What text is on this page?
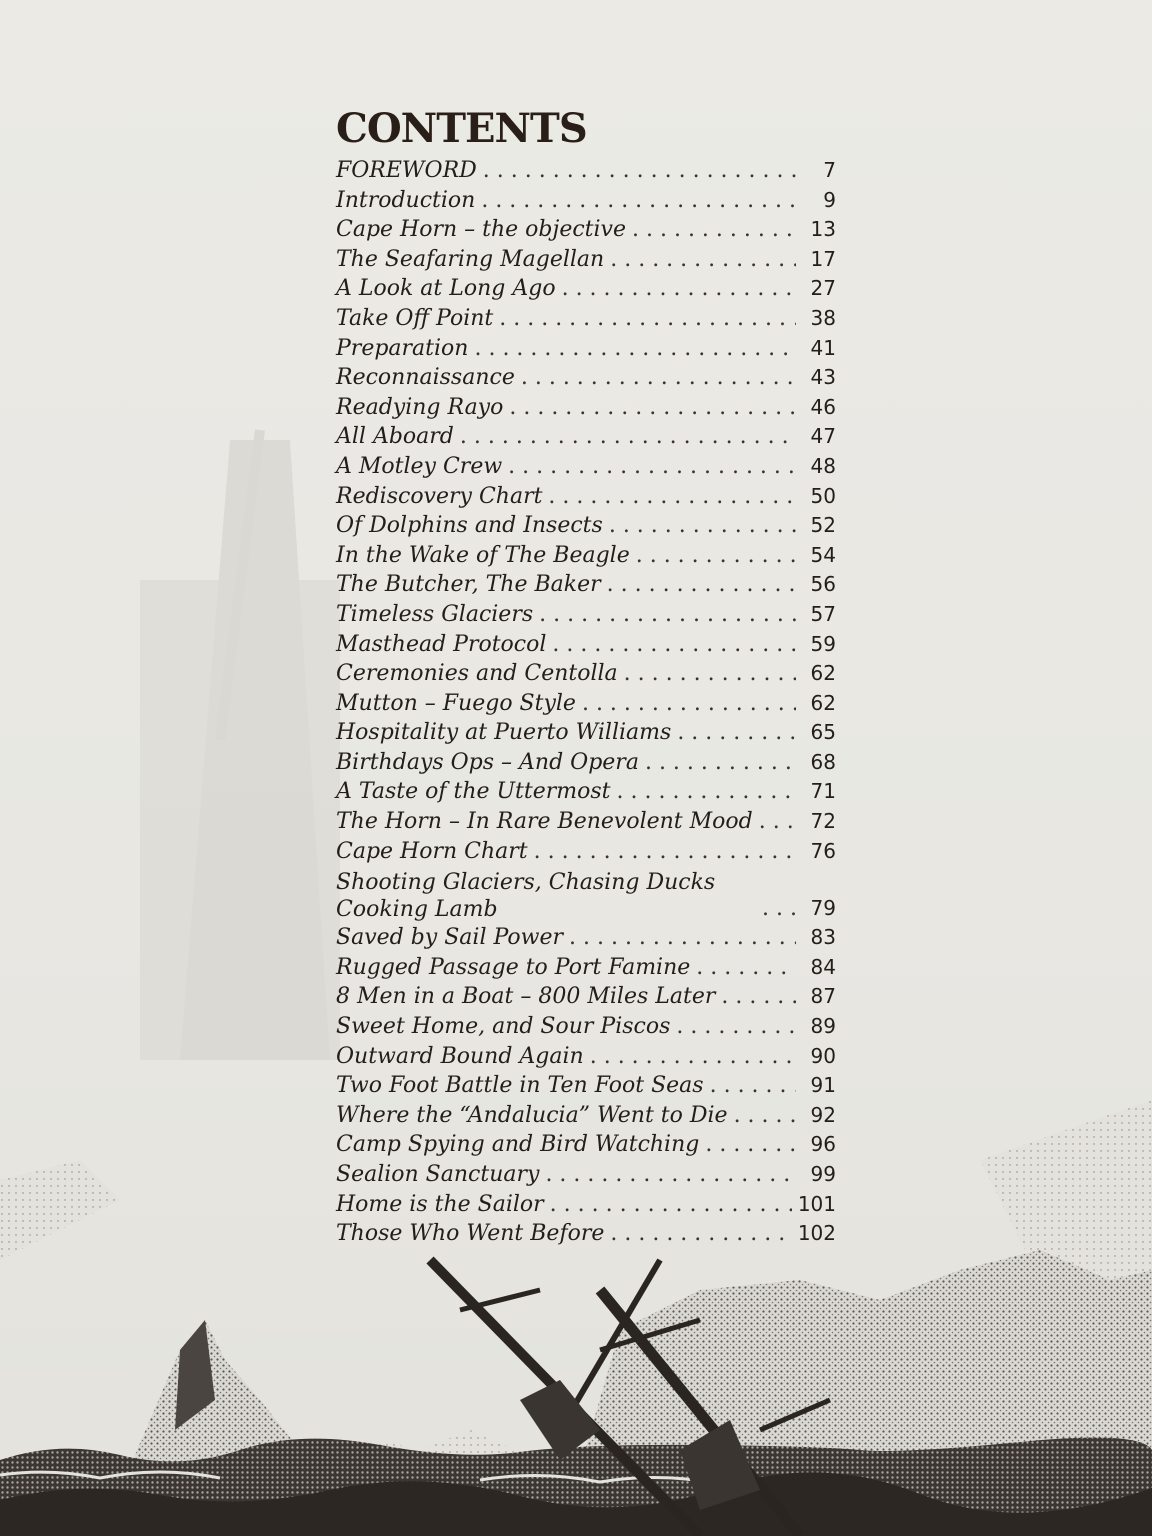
CONTENTS
FOREWORD . . .	7
Introduction . . .	9
Cape Horn – the objective . . .	13
The Seafaring Magellan . . .	17
A Look at Long Ago . . .	27
Take Off Point . . .	38
Preparation . . .	41
Reconnaissance . . .	43
Readying Rayo . . .	46
All Aboard . . .	47
A Motley Crew . . .	48
Rediscovery Chart . . .	50
Of Dolphins and Insects . . .	52
In the Wake of The Beagle . . .	54
The Butcher, The Baker . . .	56
Timeless Glaciers . . .	57
Masthead Protocol . . .	59
Ceremonies and Centolla . . .	62
Mutton – Fuego Style . . .	62
Hospitality at Puerto Williams . . .	65
Birthdays Ops – And Opera . . .	68
A Taste of the Uttermost . . .	71
The Horn – In Rare Benevolent Mood . . .	72
Cape Horn Chart . . .	76
Shooting Glaciers, Chasing Ducks Cooking Lamb . . .	79
Saved by Sail Power . . .	83
Rugged Passage to Port Famine . . .	84
8 Men in a Boat – 800 Miles Later . . .	87
Sweet Home, and Sour Piscos . . .	89
Outward Bound Again . . .	90
Two Foot Battle in Ten Foot Seas . . .	91
Where the “Andalucia” Went to Die . . .	92
Camp Spying and Bird Watching . . .	96
Sealion Sanctuary . . .	99
Home is the Sailor . . .	101
Those Who Went Before . . .	102
